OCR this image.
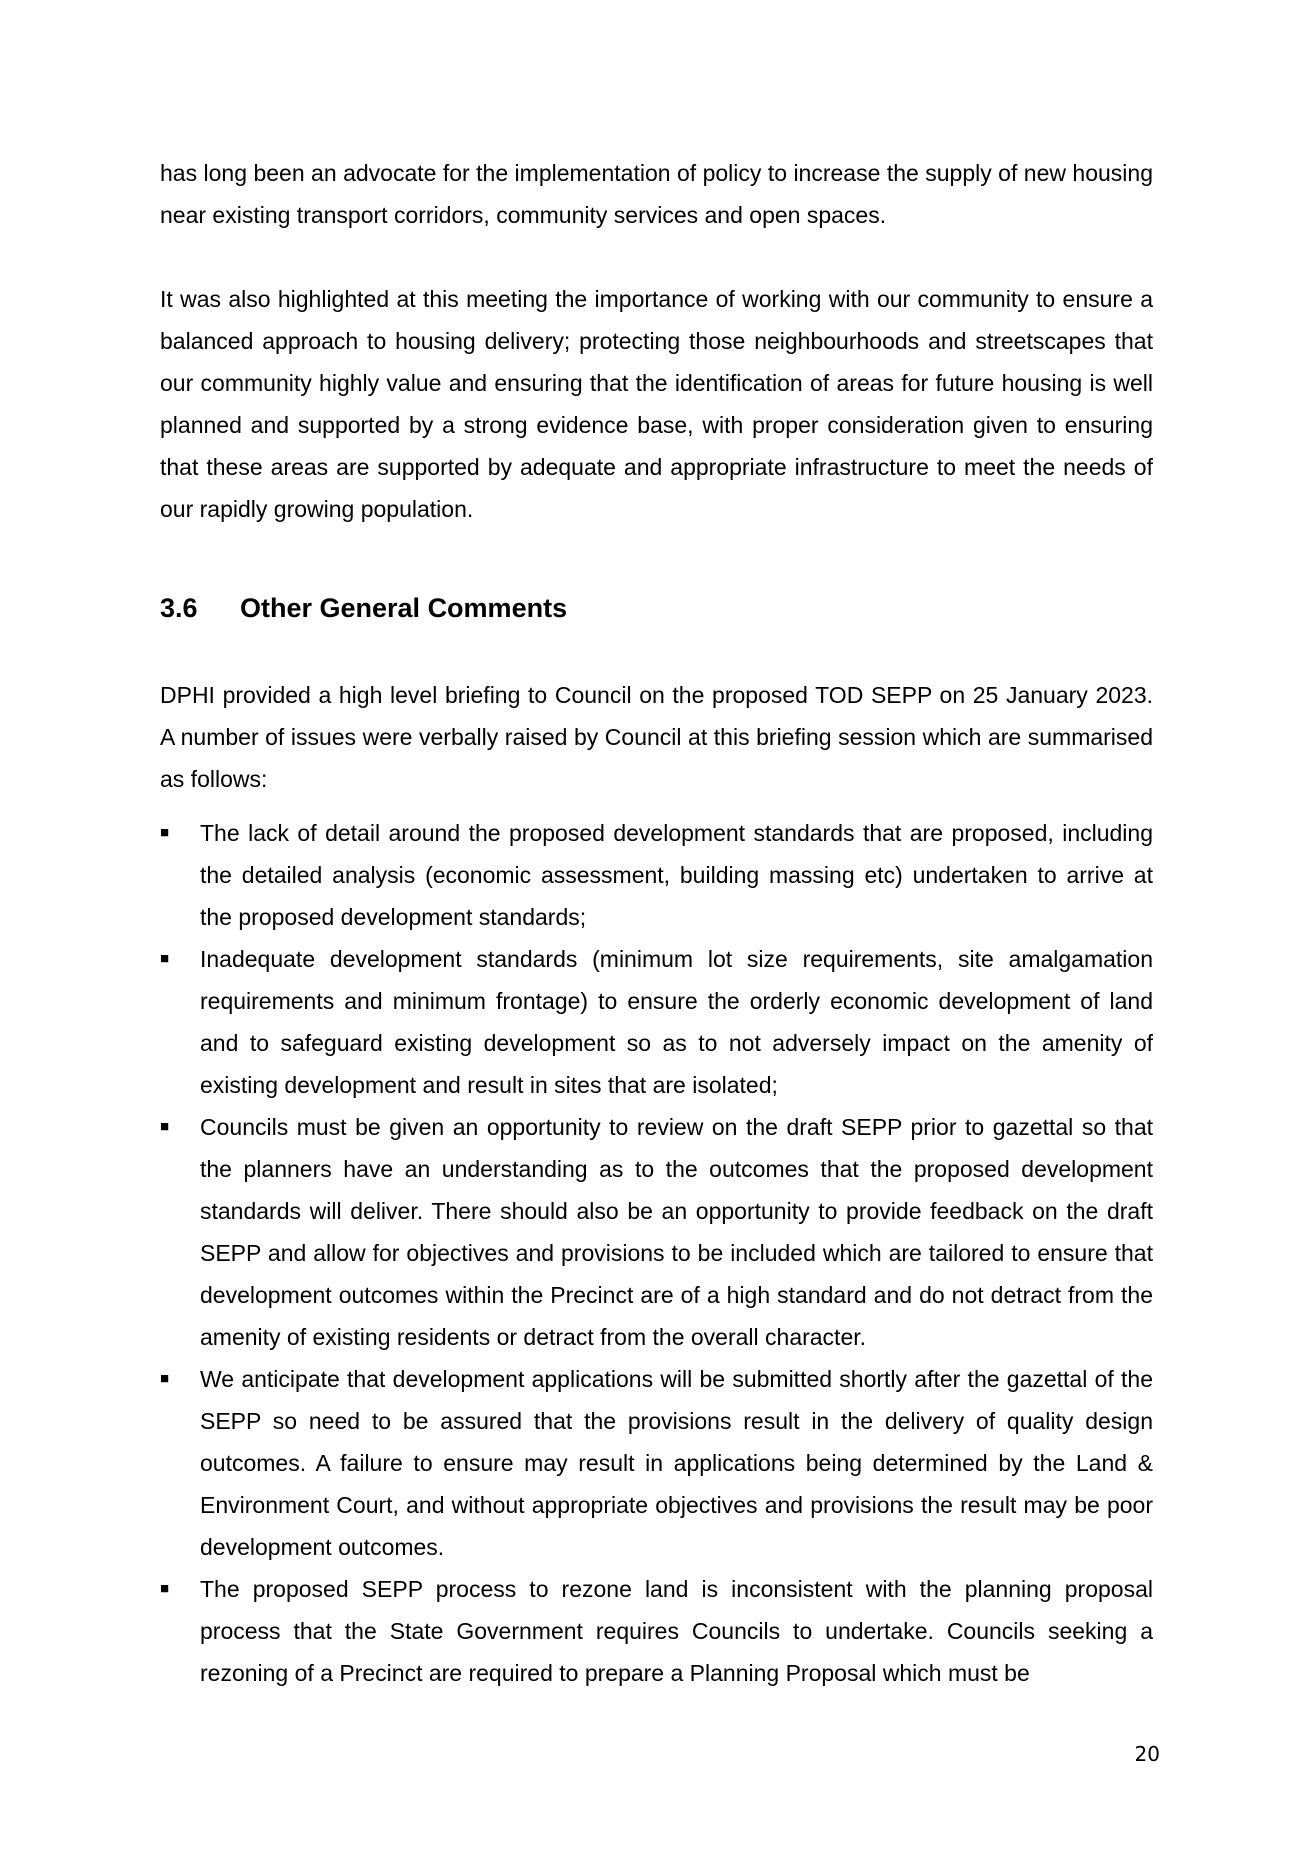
has long been an advocate for the implementation of policy to increase the supply of new housing near existing transport corridors, community services and open spaces.

It was also highlighted at this meeting the importance of working with our community to ensure a balanced approach to housing delivery; protecting those neighbourhoods and streetscapes that our community highly value and ensuring that the identification of areas for future housing is well planned and supported by a strong evidence base, with proper consideration given to ensuring that these areas are supported by adequate and appropriate infrastructure to meet the needs of our rapidly growing population.

3.6	Other General Comments

DPHI provided a high level briefing to Council on the proposed TOD SEPP on 25 January 2023. A number of issues were verbally raised by Council at this briefing session which are summarised as follows:

■	The lack of detail around the proposed development standards that are proposed, including the detailed analysis (economic assessment, building massing etc) undertaken to arrive at the proposed development standards;
■	Inadequate development standards (minimum lot size requirements, site amalgamation requirements and minimum frontage) to ensure the orderly economic development of land and to safeguard existing development so as to not adversely impact on the amenity of existing development and result in sites that are isolated;
■	Councils must be given an opportunity to review on the draft SEPP prior to gazettal so that the planners have an understanding as to the outcomes that the proposed development standards will deliver. There should also be an opportunity to provide feedback on the draft SEPP and allow for objectives and provisions to be included which are tailored to ensure that development outcomes within the Precinct are of a high standard and do not detract from the amenity of existing residents or detract from the overall character.
■	We anticipate that development applications will be submitted shortly after the gazettal of the SEPP so need to be assured that the provisions result in the delivery of quality design outcomes. A failure to ensure may result in applications being determined by the Land & Environment Court, and without appropriate objectives and provisions the result may be poor development outcomes.
■	The proposed SEPP process to rezone land is inconsistent with the planning proposal process that the State Government requires Councils to undertake. Councils seeking a rezoning of a Precinct are required to prepare a Planning Proposal which must be
20
